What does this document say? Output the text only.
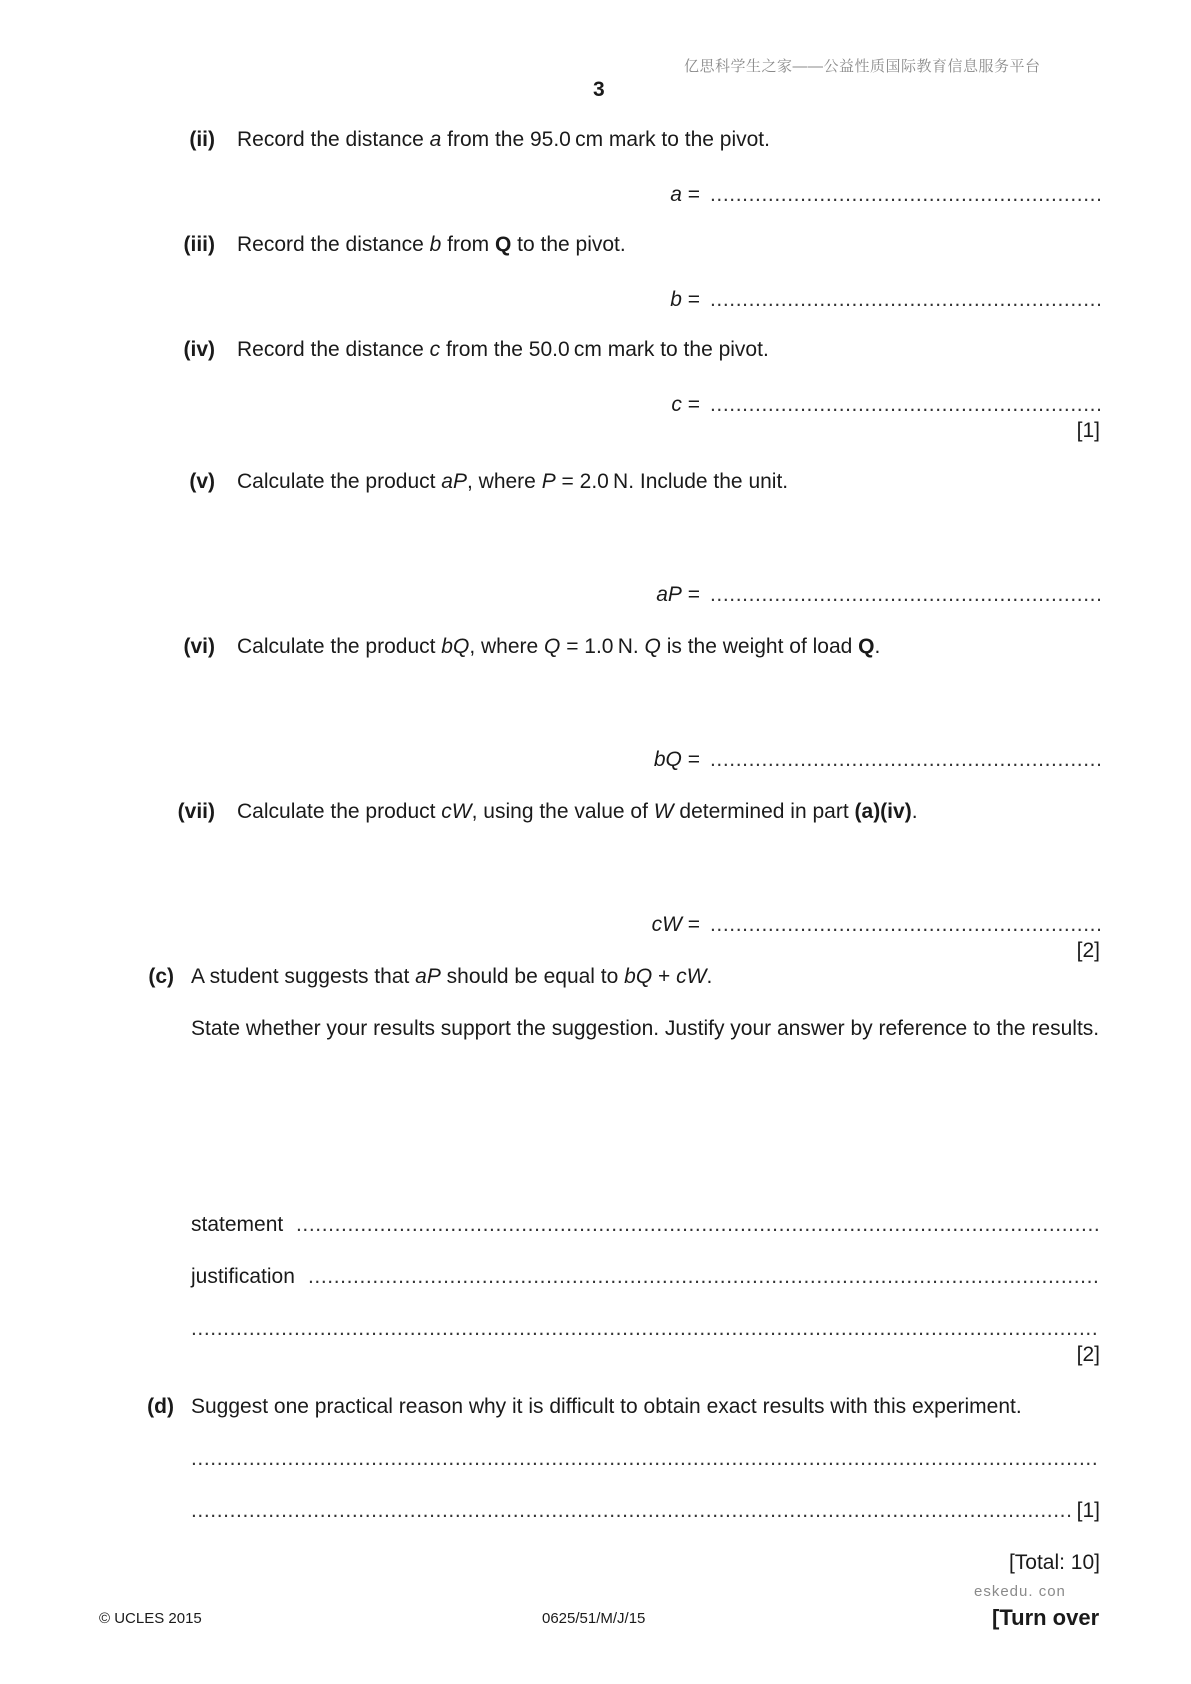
亿思科学生之家——公益性质国际教育信息服务平台
3
(ii) Record the distance a from the 95.0 cm mark to the pivot.
a =
.....
(iii) Record the distance b from Q to the pivot.
b =
.....
(iv) Record the distance c from the 50.0 cm mark to the pivot.
c =
.....
[1]
(v) Calculate the product aP, where P = 2.0 N. Include the unit.
aP =
.....
(vi) Calculate the product bQ, where Q = 1.0 N. Q is the weight of load Q.
bQ =
.....
(vii) Calculate the product cW, using the value of W determined in part (a)(iv).
cW =
.....
[2]
(c) A student suggests that aP should be equal to bQ + cW.
State whether your results support the suggestion. Justify your answer by reference to the results.
statement
.....
justification
.....
.....
[2]
(d) Suggest one practical reason why it is difficult to obtain exact results with this experiment.
.....
.....
[1]
[Total: 10]
eskedu. con
© UCLES 2015	0625/51/M/J/15	[Turn over
